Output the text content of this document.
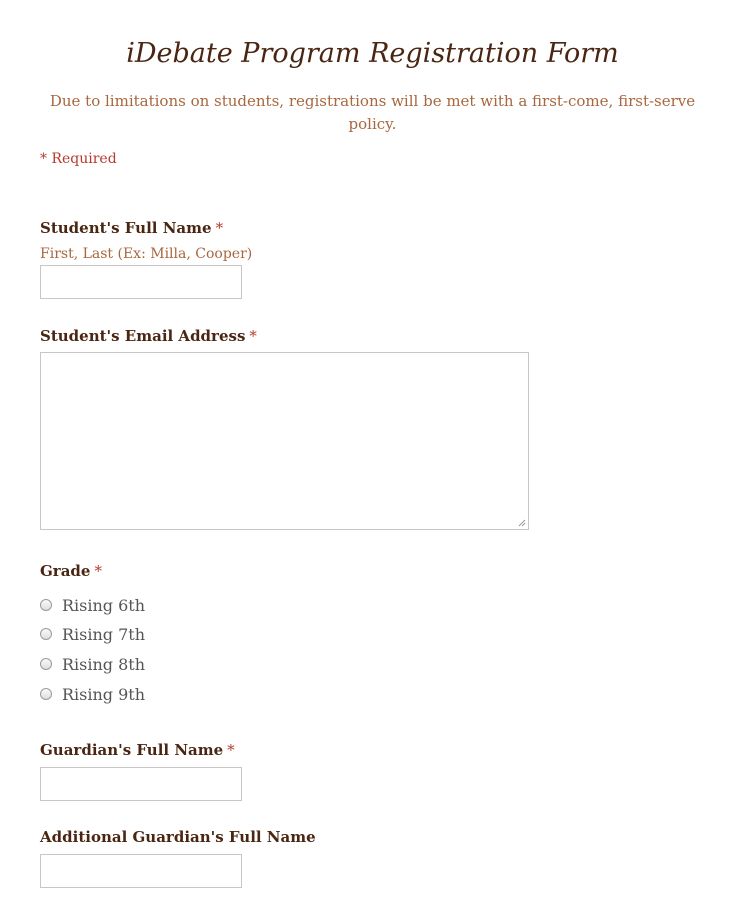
iDebate Program Registration Form
Due to limitations on students, registrations will be met with a first-come, first-serve policy.
* Required
Student's Full Name *
First, Last (Ex: Milla, Cooper)
Student's Email Address *
Grade *
Rising 6th
Rising 7th
Rising 8th
Rising 9th
Guardian's Full Name *
Additional Guardian's Full Name
